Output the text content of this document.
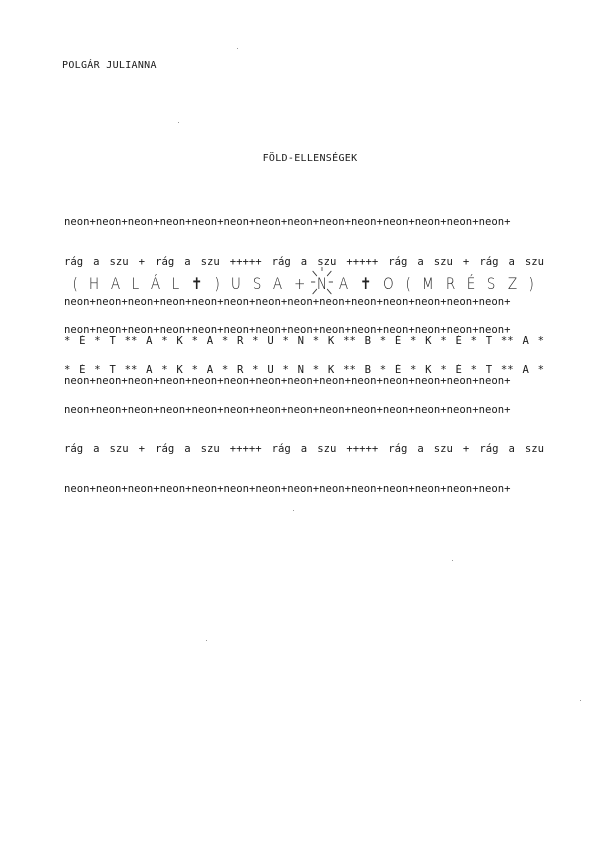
POLGÁR JULIANNA
FÖLD-ELLENSÉGEK

neon+neon+neon+neon+neon+neon+neon+neon+neon+neon+neon+neon+neon+neon+

rág a szu + rág a szu +++++ rág a szu +++++ rág a szu + rág a szu

neon+neon+neon+neon+neon+neon+neon+neon+neon+neon+neon+neon+neon+neon+

* É * T ** A * K * A * R * U * N * K ** B * É * K * É * T ** A *

neon+neon+neon+neon+neon+neon+neon+neon+neon+neon+neon+neon+neon+neon+

( H A L Á L ✝ ) U S A + N A ✝ O ( M R É S Z )

neon+neon+neon+neon+neon+neon+neon+neon+neon+neon+neon+neon+neon+neon+

* É * T ** A * K * A * R * U * N * K ** B * É * K * É * T ** A *

neon+neon+neon+neon+neon+neon+neon+neon+neon+neon+neon+neon+neon+neon+

rág a szu + rág a szu +++++ rág a szu +++++ rág a szu + rág a szu

neon+neon+neon+neon+neon+neon+neon+neon+neon+neon+neon+neon+neon+neon+
